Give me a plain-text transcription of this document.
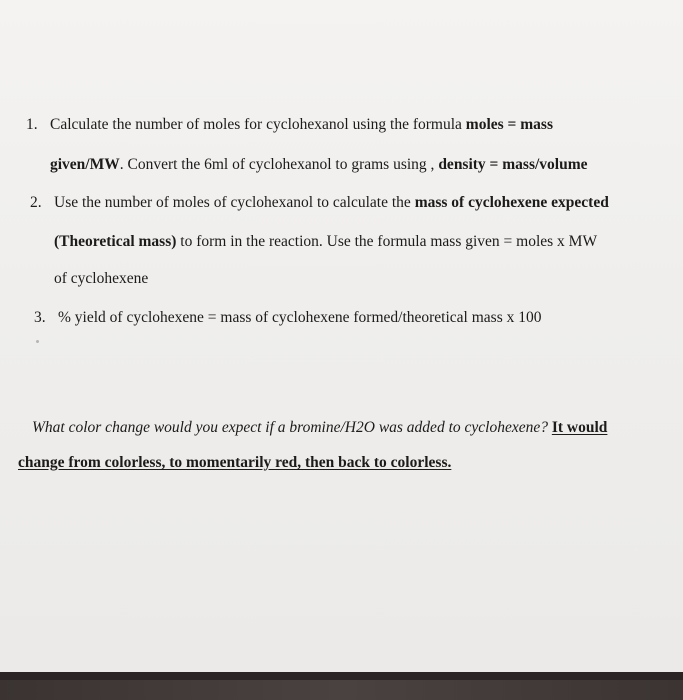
1. Calculate the number of moles for cyclohexanol using the formula moles = mass
given/MW. Convert the 6ml of cyclohexanol to grams using , density = mass/volume
2. Use the number of moles of cyclohexanol to calculate the mass of cyclohexene expected
(Theoretical mass) to form in the reaction. Use the formula mass given = moles x MW
of cyclohexene
3. % yield of cyclohexene = mass of cyclohexene formed/theoretical mass x 100
What color change would you expect if a bromine/H2O was added to cyclohexene? It would
change from colorless, to momentarily red, then back to colorless.
